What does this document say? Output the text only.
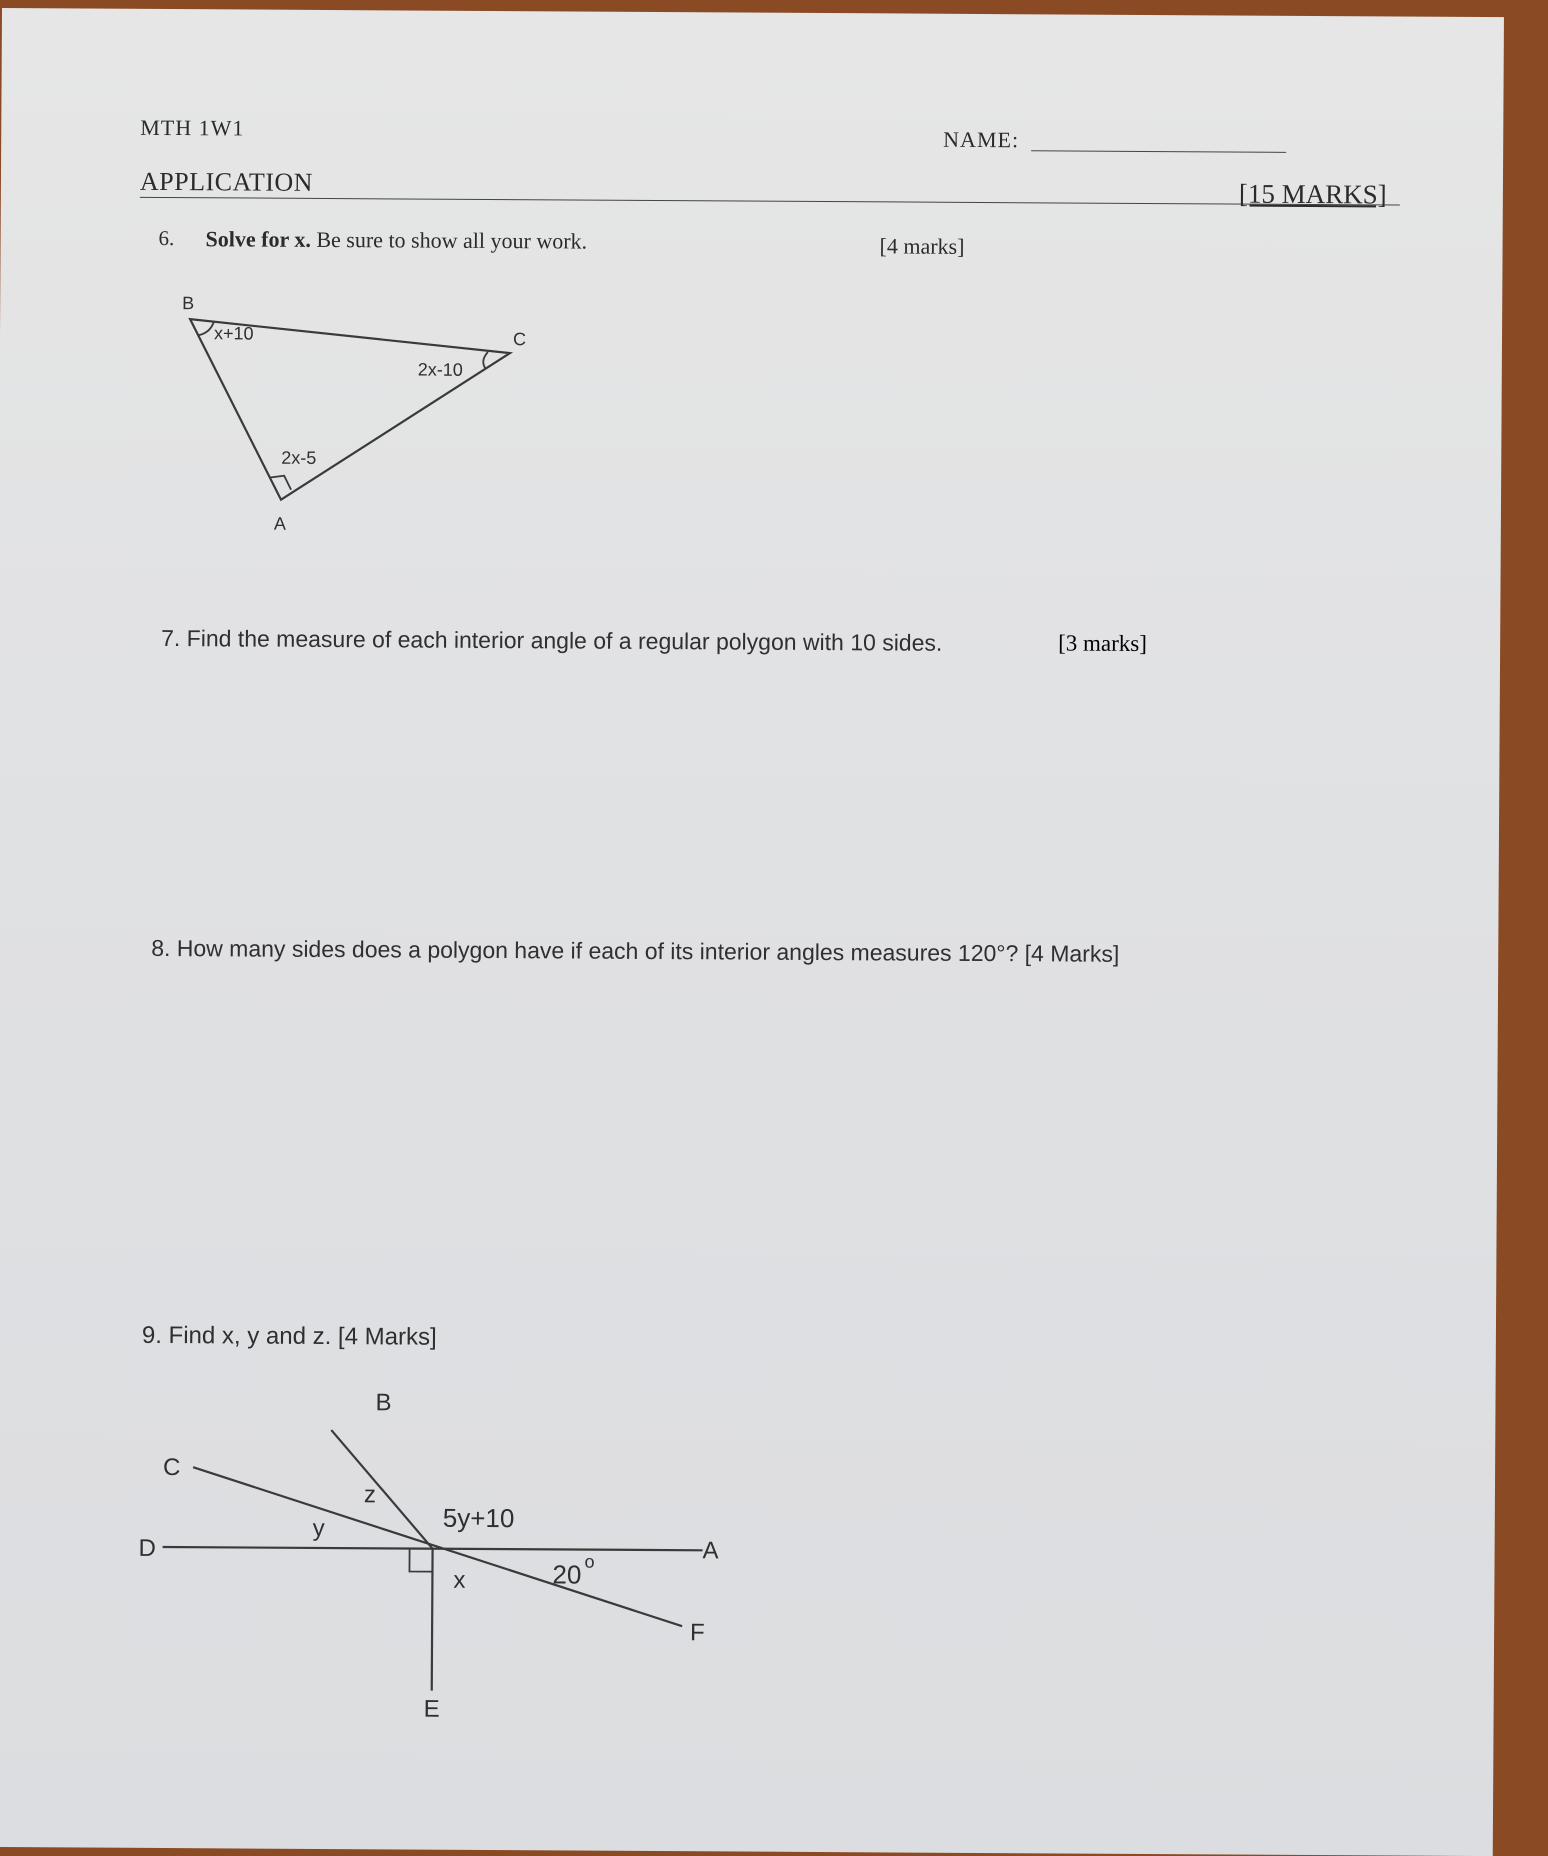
MTH 1W1	NAME:
APPLICATION	[15 MARKS]
6. Solve for x. Be sure to show all your work.	[4 marks]
B
C
A
x+10
2x-10
2x-5
7. Find the measure of each interior angle of a regular polygon with 10 sides.	[3 marks]
8. How many sides does a polygon have if each of its interior angles measures 120°? [4 Marks]
9. Find x, y and z. [4 Marks]
B
C
D	A
F
E
z
y	5y+10
x	20 o
